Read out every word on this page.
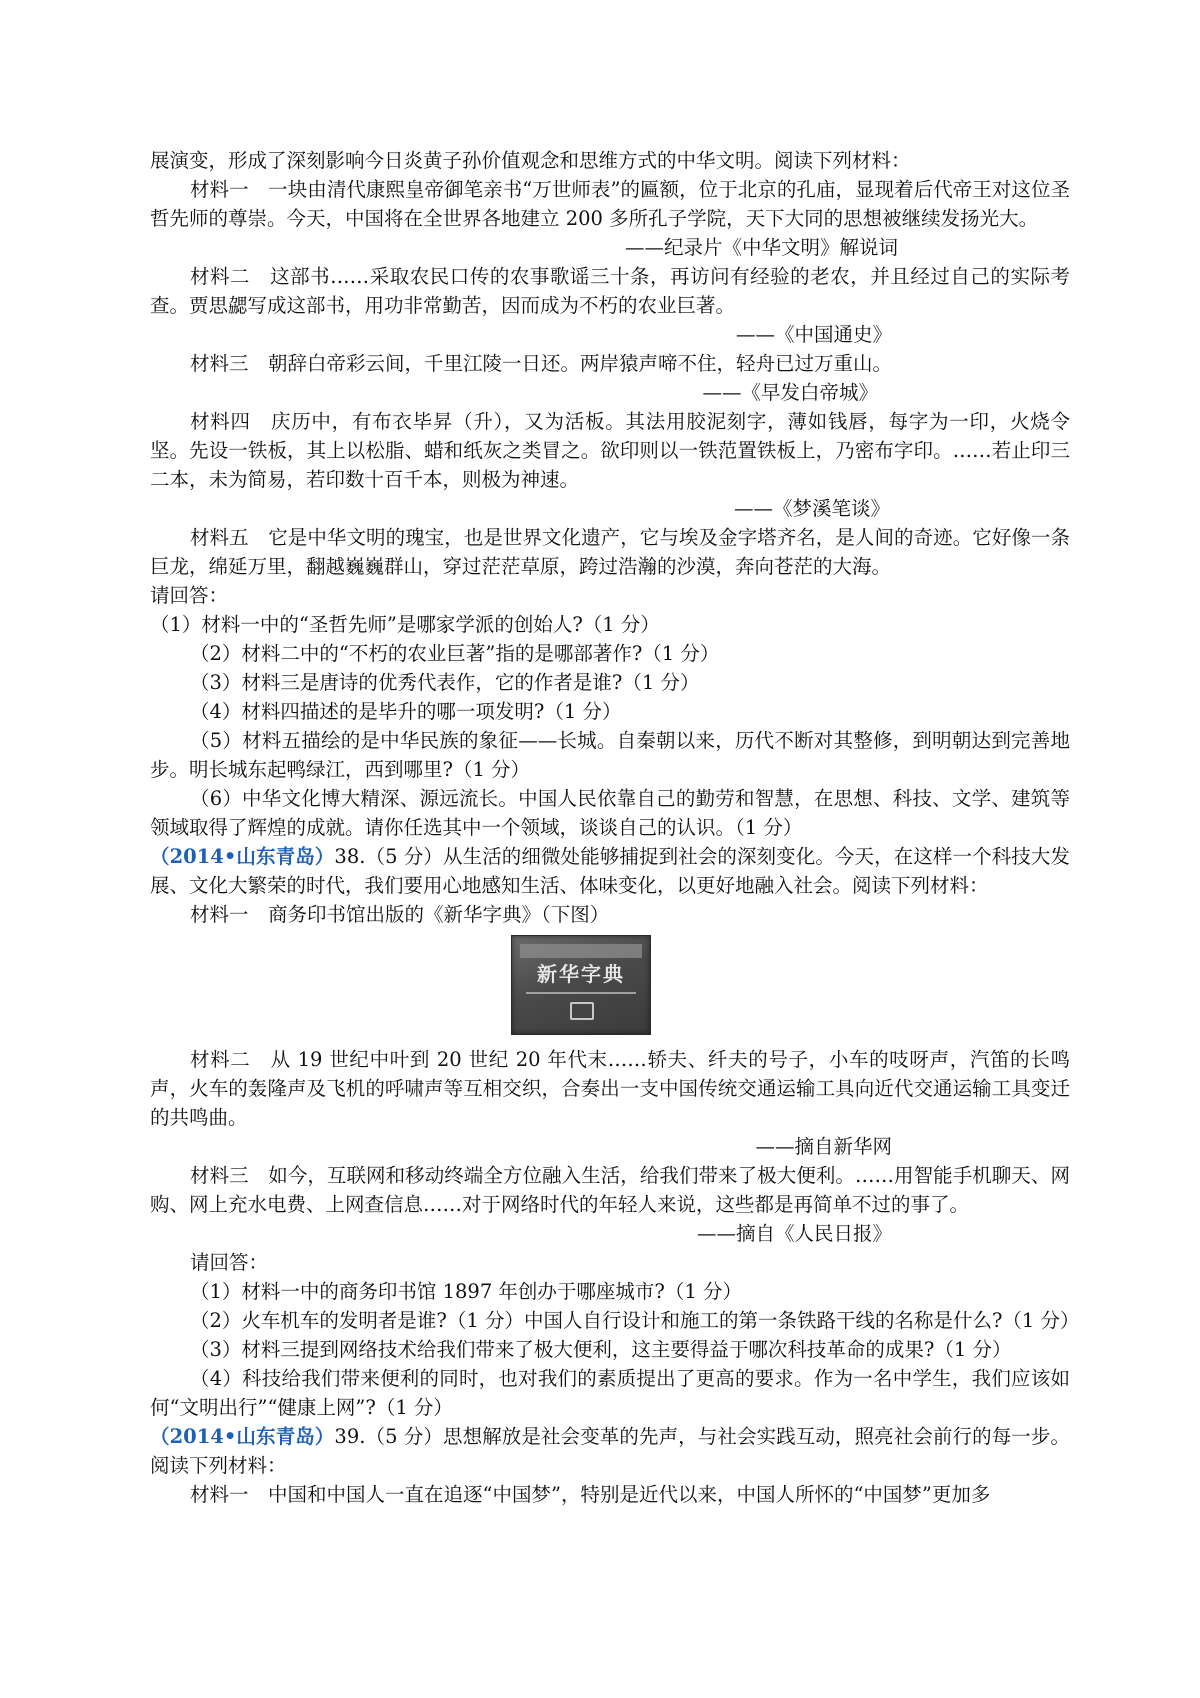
展演变，形成了深刻影响今日炎黄子孙价值观念和思维方式的中华文明。阅读下列材料：

材料一　一块由清代康熙皇帝御笔亲书“万世师表”的匾额，位于北京的孔庙，显现着后代帝王对这位圣哲先师的尊崇。今天，中国将在全世界各地建立 200 多所孔子学院，天下大同的思想被继续发扬光大。

——纪录片《中华文明》解说词

材料二　这部书……采取农民口传的农事歌谣三十条，再访问有经验的老农，并且经过自己的实际考查。贾思勰写成这部书，用功非常勤苦，因而成为不朽的农业巨著。

——《中国通史》

材料三　朝辞白帝彩云间，千里江陵一日还。两岸猿声啼不住，轻舟已过万重山。

——《早发白帝城》

材料四　庆历中，有布衣毕昇（升），又为活板。其法用胶泥刻字，薄如钱唇，每字为一印，火烧令坚。先设一铁板，其上以松脂、蜡和纸灰之类冒之。欲印则以一铁范置铁板上，乃密布字印。……若止印三二本，未为简易，若印数十百千本，则极为神速。

——《梦溪笔谈》

材料五　它是中华文明的瑰宝，也是世界文化遗产，它与埃及金字塔齐名，是人间的奇迹。它好像一条巨龙，绵延万里，翻越巍巍群山，穿过茫茫草原，跨过浩瀚的沙漠，奔向苍茫的大海。

请回答：

（1）材料一中的“圣哲先师”是哪家学派的创始人?（1 分）

（2）材料二中的“不朽的农业巨著”指的是哪部著作?（1 分）

（3）材料三是唐诗的优秀代表作，它的作者是谁?（1 分）

（4）材料四描述的是毕升的哪一项发明?（1 分）

（5）材料五描绘的是中华民族的象征——长城。自秦朝以来，历代不断对其整修，到明朝达到完善地步。明长城东起鸭绿江，西到哪里?（1 分）

（6）中华文化博大精深、源远流长。中国人民依靠自己的勤劳和智慧，在思想、科技、文学、建筑等领域取得了辉煌的成就。请你任选其中一个领域，谈谈自己的认识。（1 分）

（2014•山东青岛）38.（5 分）从生活的细微处能够捕捉到社会的深刻变化。今天，在这样一个科技大发展、文化大繁荣的时代，我们要用心地感知生活、体味变化，以更好地融入社会。阅读下列材料：

材料一　商务印书馆出版的《新华字典》（下图）

新华字典

材料二　从 19 世纪中叶到 20 世纪 20 年代末……轿夫、纤夫的号子，小车的吱呀声，汽笛的长鸣声，火车的轰隆声及飞机的呼啸声等互相交织，合奏出一支中国传统交通运输工具向近代交通运输工具变迁的共鸣曲。

——摘自新华网

材料三　如今，互联网和移动终端全方位融入生活，给我们带来了极大便利。……用智能手机聊天、网购、网上充水电费、上网查信息……对于网络时代的年轻人来说，这些都是再简单不过的事了。

——摘自《人民日报》

请回答：

（1）材料一中的商务印书馆 1897 年创办于哪座城市?（1 分）

（2）火车机车的发明者是谁?（1 分）中国人自行设计和施工的第一条铁路干线的名称是什么?（1 分）

（3）材料三提到网络技术给我们带来了极大便利，这主要得益于哪次科技革命的成果?（1 分）

（4）科技给我们带来便利的同时，也对我们的素质提出了更高的要求。作为一名中学生，我们应该如何“文明出行”“健康上网”?（1 分）

（2014•山东青岛）39.（5 分）思想解放是社会变革的先声，与社会实践互动，照亮社会前行的每一步。阅读下列材料：

材料一　中国和中国人一直在追逐“中国梦”，特别是近代以来，中国人所怀的“中国梦”更加多
